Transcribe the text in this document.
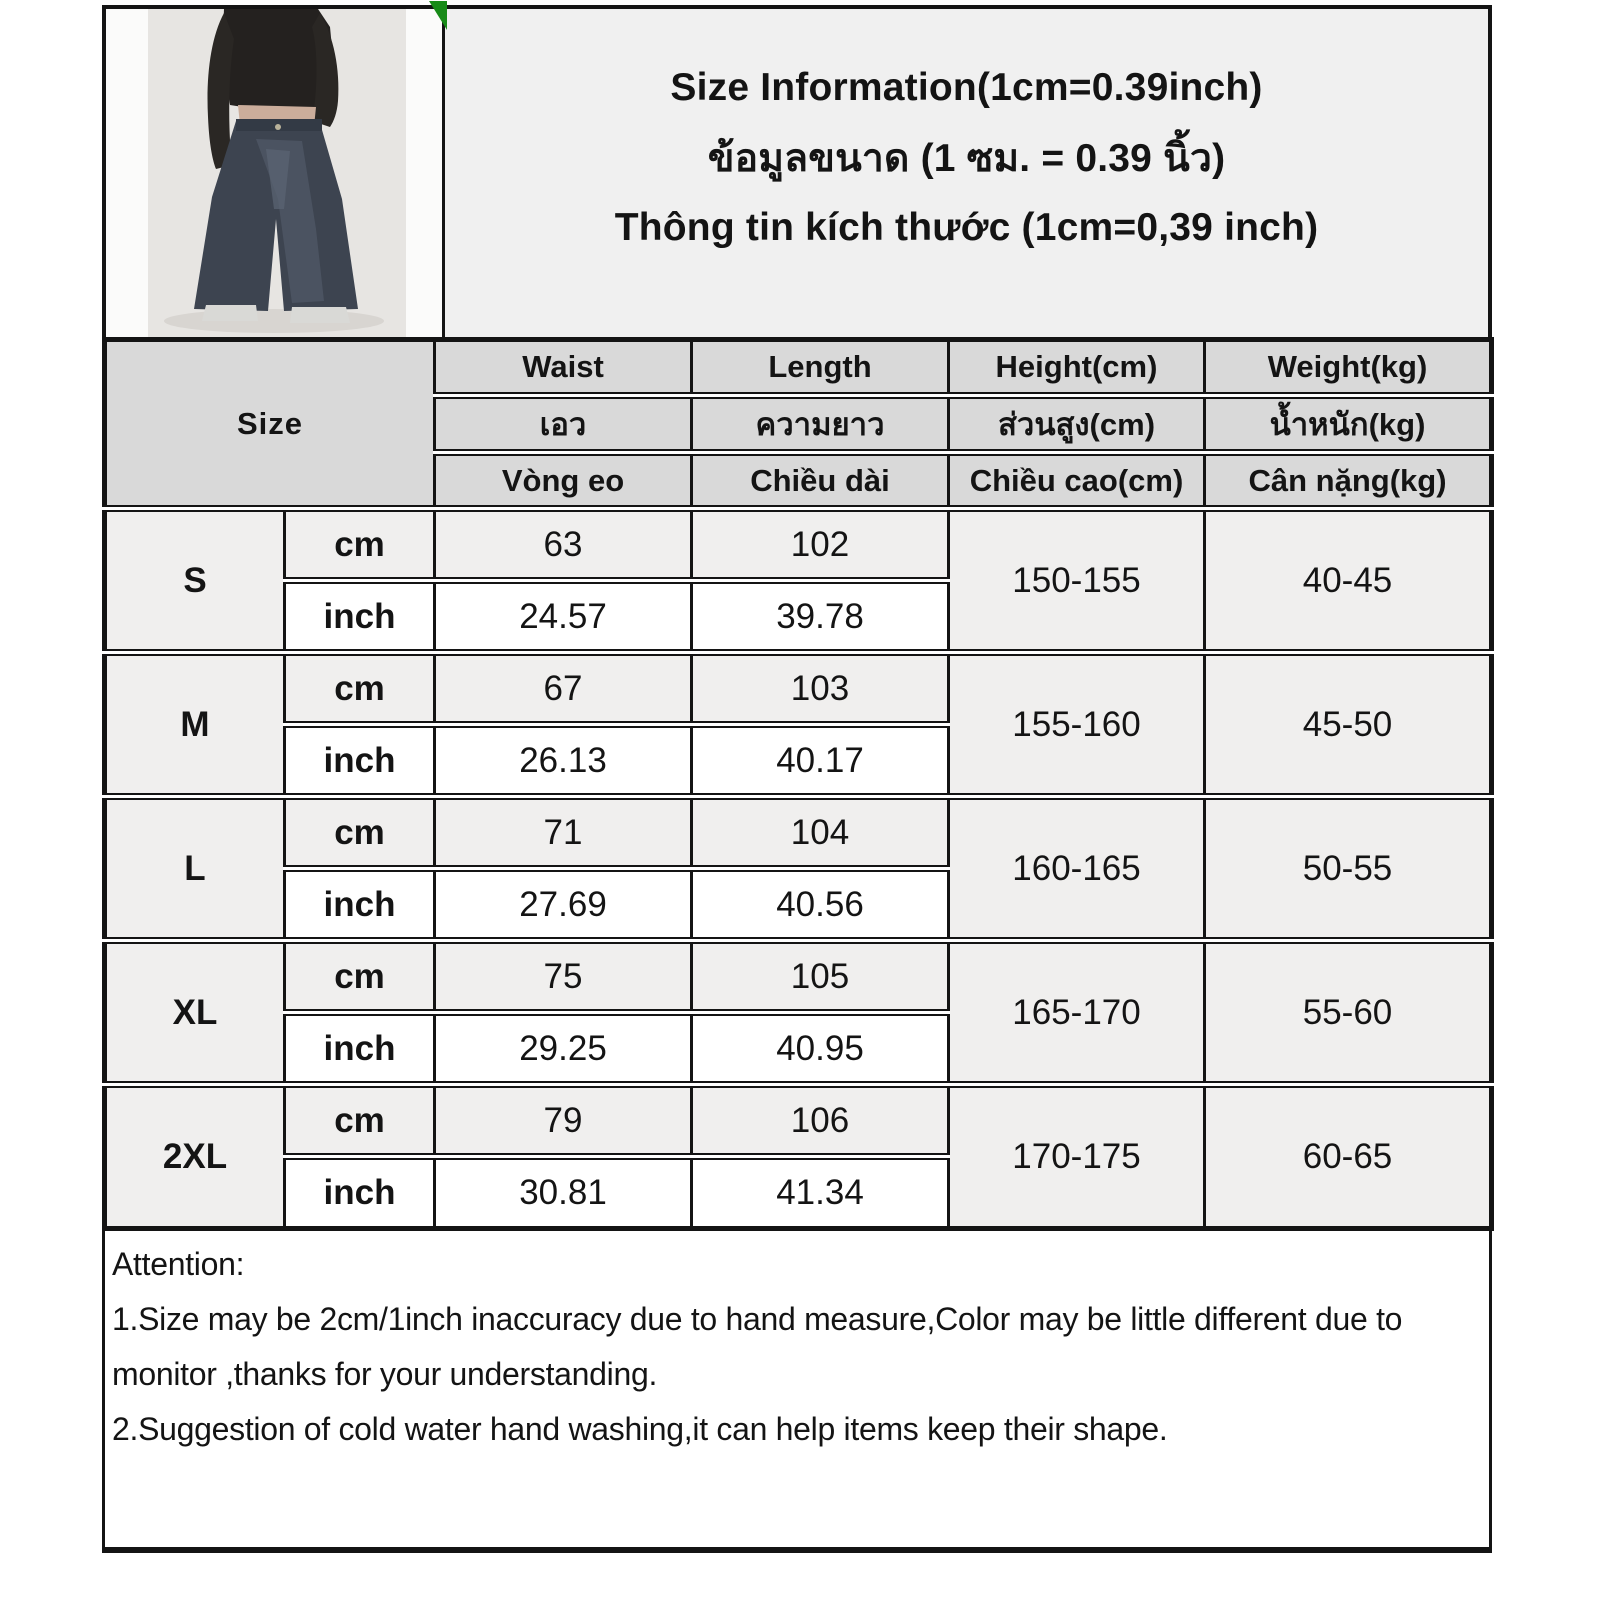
Size Information(1cm=0.39inch)
ข้อมูลขนาด (1 ซม. = 0.39 นิ้ว)
Thông tin kích thước (1cm=0,39 inch)
Size		Waist	Length	Height(cm)	Weight(kg)
		เอว	ความยาว	ส่วนสูง(cm)	น้ำหนัก(kg)
		Vòng eo	Chiều dài	Chiều cao(cm)	Cân nặng(kg)
S	cm	63	102	150-155	40-45
	inch	24.57	39.78		
M	cm	67	103	155-160	45-50
	inch	26.13	40.17		
L	cm	71	104	160-165	50-55
	inch	27.69	40.56		
XL	cm	75	105	165-170	55-60
	inch	29.25	40.95		
2XL	cm	79	106	170-175	60-65
	inch	30.81	41.34		

Attention:

1.Size may be 2cm/1inch inaccuracy due to hand measure,Color may be little different due to monitor ,thanks for your understanding.

2.Suggestion of cold water hand washing,it can help items keep their shape.
